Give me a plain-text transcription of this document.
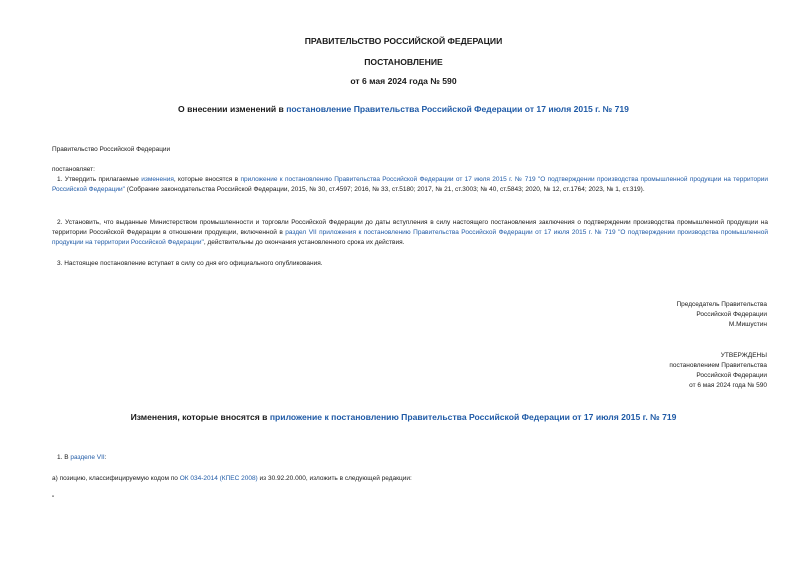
ПРАВИТЕЛЬСТВО РОССИЙСКОЙ ФЕДЕРАЦИИ
ПОСТАНОВЛЕНИЕ
от 6 мая 2024 года № 590
О внесении изменений в постановление Правительства Российской Федерации от 17 июля 2015 г. № 719
Правительство Российской Федерации
постановляет:
1. Утвердить прилагаемые изменения, которые вносятся в приложение к постановлению Правительства Российской Федерации от 17 июля 2015 г. № 719 "О подтверждении производства промышленной продукции на территории Российской Федерации" (Собрание законодательства Российской Федерации, 2015, № 30, ст.4597; 2016, № 33, ст.5180; 2017, № 21, ст.3003; № 40, ст.5843; 2020, № 12, ст.1764; 2023, № 1, ст.319).
2. Установить, что выданные Министерством промышленности и торговли Российской Федерации до даты вступления в силу настоящего постановления заключения о подтверждении производства промышленной продукции на территории Российской Федерации в отношении продукции, включенной в раздел VII приложения к постановлению Правительства Российской Федерации от 17 июля 2015 г. № 719 "О подтверждении производства промышленной продукции на территории Российской Федерации", действительны до окончания установленного срока их действия.
3. Настоящее постановление вступает в силу со дня его официального опубликования.
Председатель Правительства
Российской Федерации
М.Мишустин
УТВЕРЖДЕНЫ
постановлением Правительства
Российской Федерации
от 6 мая 2024 года № 590
Изменения, которые вносятся в приложение к постановлению Правительства Российской Федерации от 17 июля 2015 г. № 719
1. В разделе VII:
а) позицию, классифицируемую кодом по ОК 034-2014 (КПЕС 2008) из 30.92.20.000, изложить в следующей редакции:
"
